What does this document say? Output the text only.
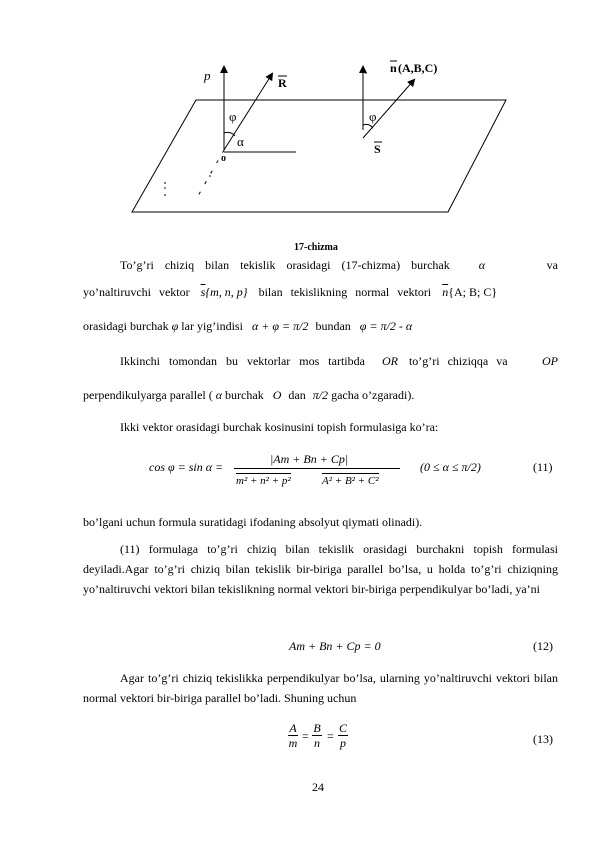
p	R
n (A,B,C)
φ
α
φ
S
o
17-chizma
To’g’ri chiziq bilan tekislik orasidagi (17-chizma) burchak α	va
yo’naltiruvchi vektor $\overline{s}\{m$, n, p} bilan tekislikning normal vektori $\overline{n}\{A$; B; C}
orasidagi burchak φ lar yig’indisi α + φ = π/2 bundan φ = π/2 - α
Ikkinchi tomondan bu vektorlar mos tartibda OR to’g’ri chiziqqa va	OP
perpendikulyarga parallel ( α burchak O dan π/2 gacha o’zgaradi).
Ikki vektor orasidagi burchak kosinusini topish formulasiga ko’ra:
cos φ = sin α =
|Am + Bn + Cp|
m² + n² + p²	A² + B² + C²
(0 ≤ α ≤ π/2)	(11)
bo’lgani uchun formula suratidagi ifodaning absolyut qiymati olinadi).
(11) formulaga to’g’ri chiziq bilan tekislik orasidagi burchakni topish formulasi deyiladi.Agar to’g’ri chiziq bilan tekislik bir-biriga parallel bo’lsa, u holda to’g’ri chiziqning yo’naltiruvchi vektori bilan tekislikning normal vektori bir-biriga perpendikulyar bo’ladi, ya’ni
Am + Bn + Cp = 0	(12)
Agar to’g’ri chiziq tekislikka perpendikulyar bo’lsa, ularning yo’naltiruvchi vektori bilan normal vektori bir-biriga parallel bo’ladi. Shuning uchun
A
m =
B
n =
C
p	(13)
24
